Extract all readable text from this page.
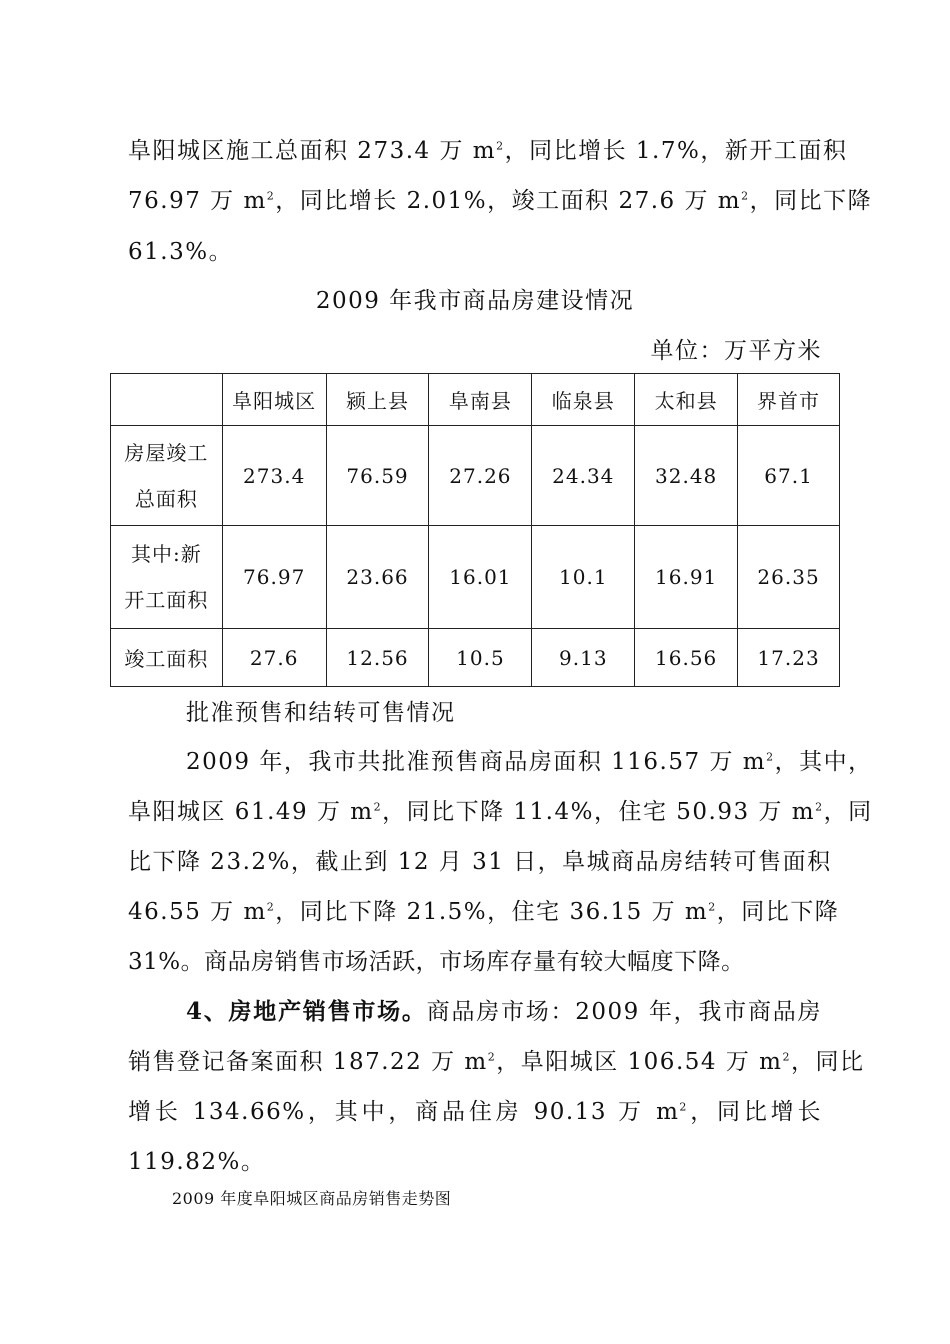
阜阳城区施工总面积 273.4 万 $m^2$，同比增长 1.7%，新开工面积
76.97 万 $m^2$，同比增长 2.01%，竣工面积 27.6 万 $m^2$，同比下降
61.3%。
2009 年我市商品房建设情况
单位：万平方米
	阜阳城区	颍上县	阜南县	临泉县	太和县	界首市

房屋竣工
总面积	273.4	76.59	27.26	24.34	32.48	67.1

其中:新
开工面积	76.97	23.66	16.01	10.1	16.91	26.35

竣工面积	27.6	12.56	10.5	9.13	16.56	17.23
批准预售和结转可售情况
2009 年，我市共批准预售商品房面积 116.57 万 $m^2$，其中，
阜阳城区 61.49 万 $m^2$，同比下降 11.4%，住宅 50.93 万 $m^2$，同
比下降 23.2%，截止到 12 月 31 日，阜城商品房结转可售面积
46.55 万 $m^2$，同比下降 21.5%，住宅 36.15 万 $m^2$，同比下降
31%。商品房销售市场活跃，市场库存量有较大幅度下降。
4、房地产销售市场。商品房市场：2009 年，我市商品房
销售登记备案面积 187.22 万 $m^2$，阜阳城区 106.54 万 $m^2$，同比
增长 134.66%，其中，商品住房 90.13 万 $m^2$，同比增长
119.82%。
2009 年度阜阳城区商品房销售走势图
